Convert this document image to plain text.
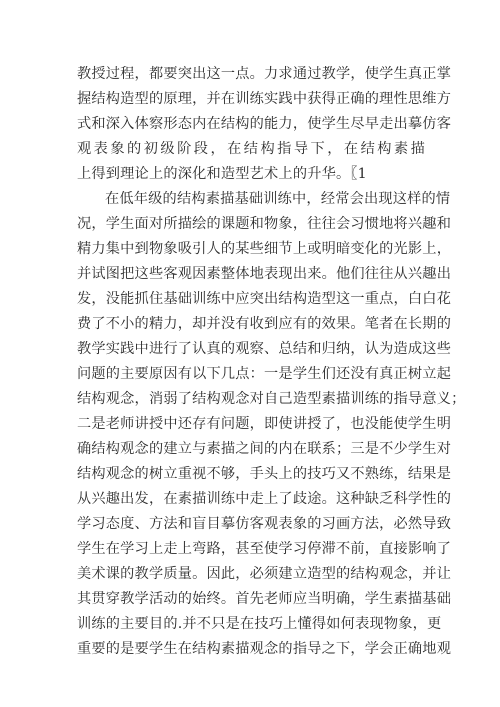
教授过程，都要突出这一点。力求通过教学，使学生真正掌
握结构造型的原理，并在训练实践中获得正确的理性思维方
式和深入体察形态内在结构的能力，使学生尽早走出摹仿客
观表象的初级阶段，在结构指导下，在结构素描
上得到理论上的深化和造型艺术上的升华。〖1
在低年级的结构素描基础训练中，经常会出现这样的情
况，学生面对所描绘的课题和物象，往往会习惯地将兴趣和
精力集中到物象吸引人的某些细节上或明暗变化的光影上，
并试图把这些客观因素整体地表现出来。他们往往从兴趣出
发，没能抓住基础训练中应突出结构造型这一重点，白白花
费了不小的精力，却并没有收到应有的效果。笔者在长期的
教学实践中进行了认真的观察、总结和归纳，认为造成这些
问题的主要原因有以下几点：一是学生们还没有真正树立起
结构观念，消弱了结构观念对自己造型素描训练的指导意义；
二是老师讲授中还存有问题，即使讲授了，也没能使学生明
确结构观念的建立与素描之间的内在联系；三是不少学生对
结构观念的树立重视不够，手头上的技巧又不熟练，结果是
从兴趣出发，在素描训练中走上了歧途。这种缺乏科学性的
学习态度、方法和盲目摹仿客观表象的习画方法，必然导致
学生在学习上走上弯路，甚至使学习停滞不前，直接影响了
美术课的教学质量。因此，必须建立造型的结构观念，并让
其贯穿教学活动的始终。首先老师应当明确，学生素描基础
训练的主要目的.并不只是在技巧上懂得如何表现物象，更
重要的是要学生在结构素描观念的指导之下，学会正确地观
